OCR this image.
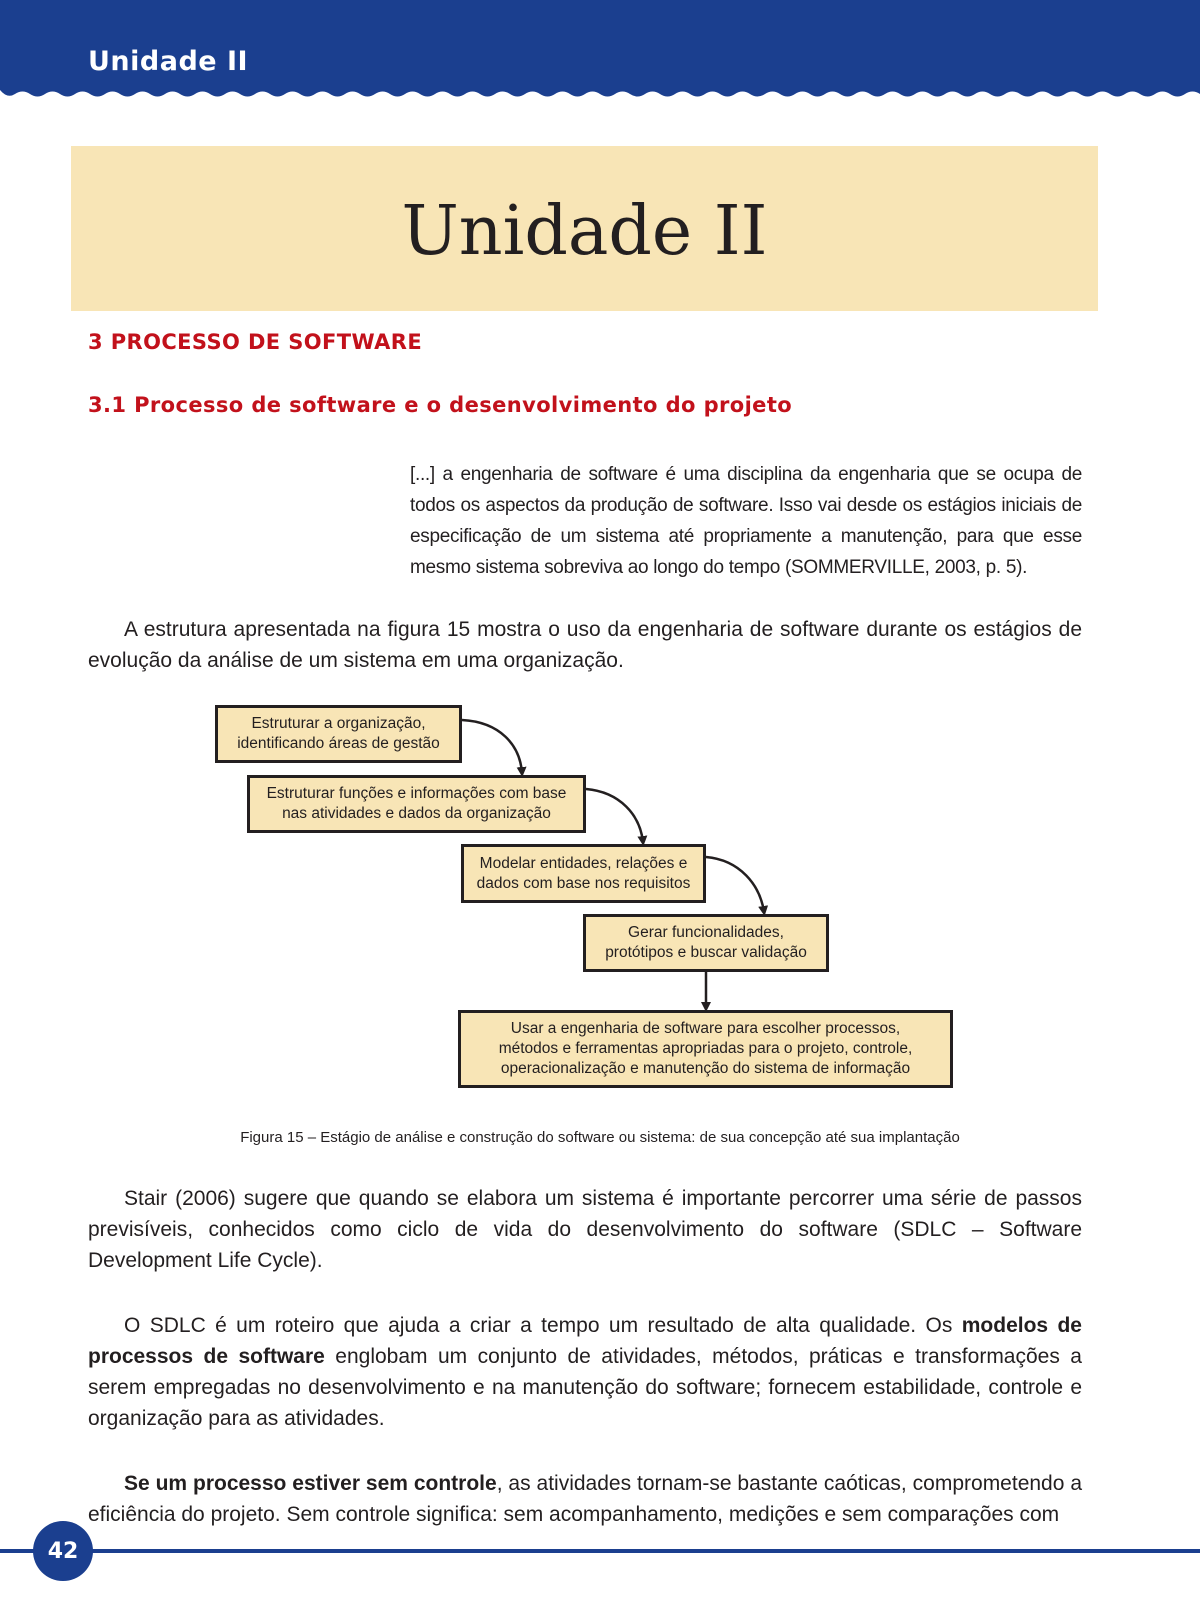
Unidade II
Unidade II
3 PROCESSO DE SOFTWARE
3.1 Processo de software e o desenvolvimento do projeto
[...] a engenharia de software é uma disciplina da engenharia que se ocupa de todos os aspectos da produção de software. Isso vai desde os estágios iniciais de especificação de um sistema até propriamente a manutenção, para que esse mesmo sistema sobreviva ao longo do tempo (SOMMERVILLE, 2003, p. 5).
A estrutura apresentada na figura 15 mostra o uso da engenharia de software durante os estágios de evolução da análise de um sistema em uma organização.
Estruturar a organização,
identificando áreas de gestão
Estruturar funções e informações com base
nas atividades e dados da organização
Modelar entidades, relações e
dados com base nos requisitos
Gerar funcionalidades,
protótipos e buscar validação
Usar a engenharia de software para escolher processos,
métodos e ferramentas apropriadas para o projeto, controle,
operacionalização e manutenção do sistema de informação
Figura 15 – Estágio de análise e construção do software ou sistema: de sua concepção até sua implantação
Stair (2006) sugere que quando se elabora um sistema é importante percorrer uma série de passos previsíveis, conhecidos como ciclo de vida do desenvolvimento do software (SDLC – Software Development Life Cycle).
O SDLC é um roteiro que ajuda a criar a tempo um resultado de alta qualidade. Os modelos de processos de software englobam um conjunto de atividades, métodos, práticas e transformações a serem empregadas no desenvolvimento e na manutenção do software; fornecem estabilidade, controle e organização para as atividades.
Se um processo estiver sem controle, as atividades tornam-se bastante caóticas, comprometendo a eficiência do projeto. Sem controle significa: sem acompanhamento, medições e sem comparações com
42
